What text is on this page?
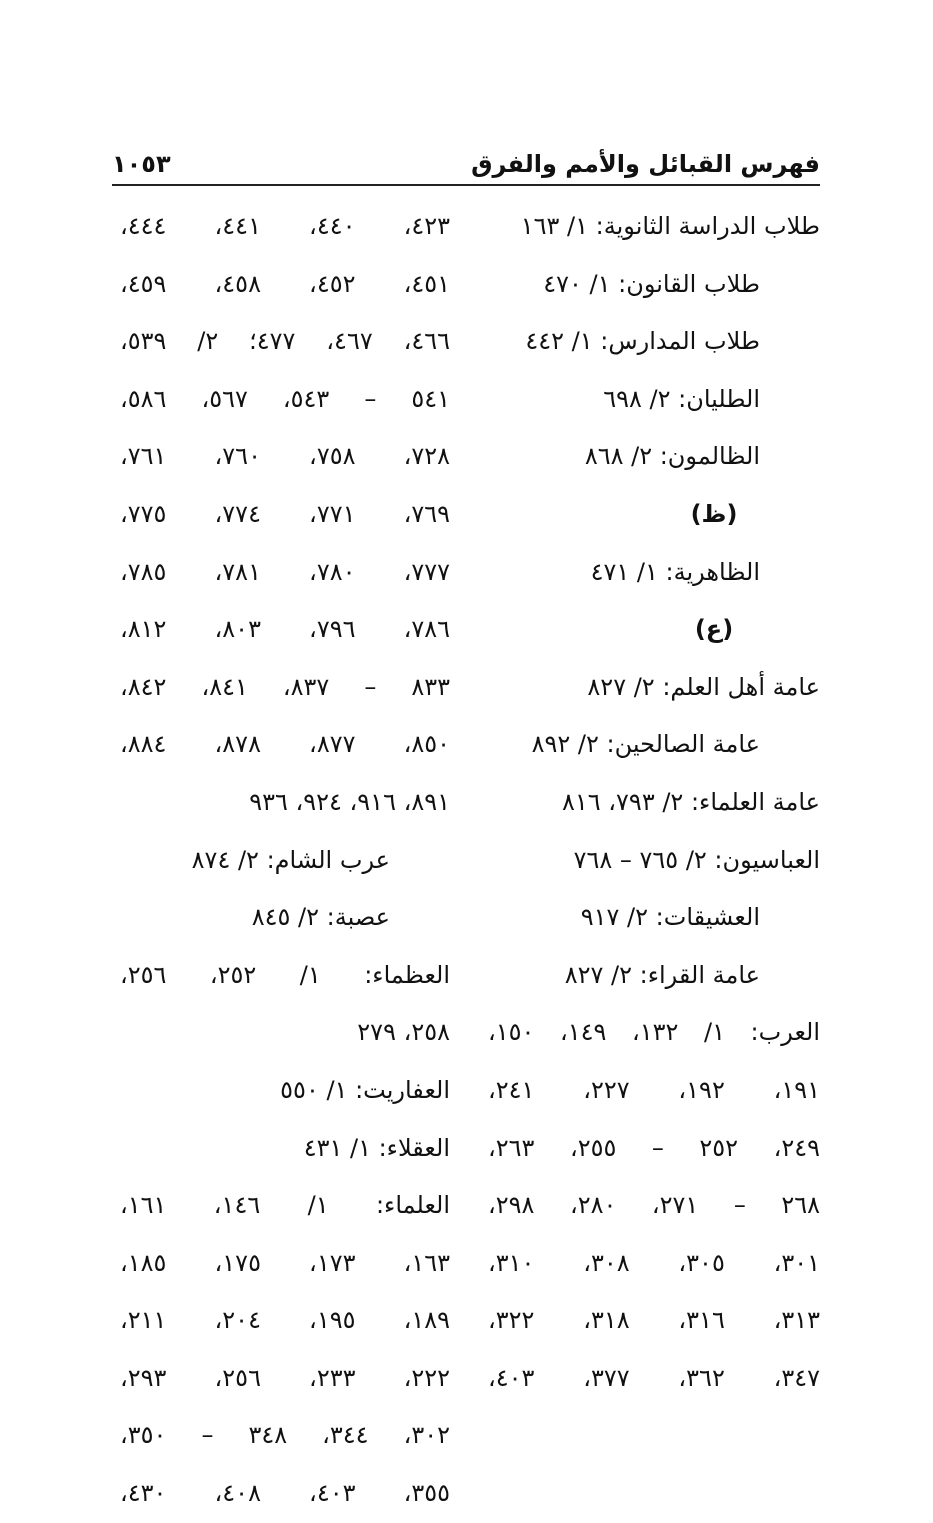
فهرس القبائل والأمم والفرق
١٠٥٣
طلاب الدراسة الثانوية: ١/ ١٦٣
طلاب القانون: ١/ ٤٧٠
طلاب المدارس: ١/ ٤٤٢
الطليان: ٢/ ٦٩٨
الظالمون: ٢/ ٨٦٨
(ظ)
الظاهرية: ١/ ٤٧١
(ع)
عامة أهل العلم: ٢/ ٨٢٧
عامة الصالحين: ٢/ ٨٩٢
عامة العلماء: ٢/ ٧٩٣، ٨١٦
العباسيون: ٢/ ٧٦٥ – ٧٦٨
العشيقات: ٢/ ٩١٧
عامة القراء: ٢/ ٨٢٧
العرب: ١/ ١٣٢، ١٤٩، ١٥٠،
١٩١، ١٩٢، ٢٢٧، ٢٤١،
٢٤٩، ٢٥٢ – ٢٥٥، ٢٦٣،
٢٦٨ – ٢٧١، ٢٨٠، ٢٩٨،
٣٠١، ٣٠٥، ٣٠٨، ٣١٠،
٣١٣، ٣١٦، ٣١٨، ٣٢٢،
٣٤٧، ٣٦٢، ٣٧٧، ٤٠٣،
٤٢٣، ٤٤٠، ٤٤١، ٤٤٤،
٤٥١، ٤٥٢، ٤٥٨، ٤٥٩،
٤٦٦، ٤٦٧، ٤٧٧؛ ٢/ ٥٣٩،
٥٤١ – ٥٤٣، ٥٦٧، ٥٨٦،
٧٢٨، ٧٥٨، ٧٦٠، ٧٦١،
٧٦٩، ٧٧١، ٧٧٤، ٧٧٥،
٧٧٧، ٧٨٠، ٧٨١، ٧٨٥،
٧٨٦، ٧٩٦، ٨٠٣، ٨١٢،
٨٣٣ – ٨٣٧، ٨٤١، ٨٤٢،
٨٥٠، ٨٧٧، ٨٧٨، ٨٨٤،
٨٩١، ٩١٦، ٩٢٤، ٩٣٦
عرب الشام: ٢/ ٨٧٤
عصبة: ٢/ ٨٤٥
العظماء: ١/ ٢٥٢، ٢٥٦،
٢٥٨، ٢٧٩
العفاريت: ١/ ٥٥٠
العقلاء: ١/ ٤٣١
العلماء: ١/ ١٤٦، ١٦١،
١٦٣، ١٧٣، ١٧٥، ١٨٥،
١٨٩، ١٩٥، ٢٠٤، ٢١١،
٢٢٢، ٢٣٣، ٢٥٦، ٢٩٣،
٣٠٢، ٣٤٤، ٣٤٨ – ٣٥٠،
٣٥٥، ٤٠٣، ٤٠٨، ٤٣٠،
